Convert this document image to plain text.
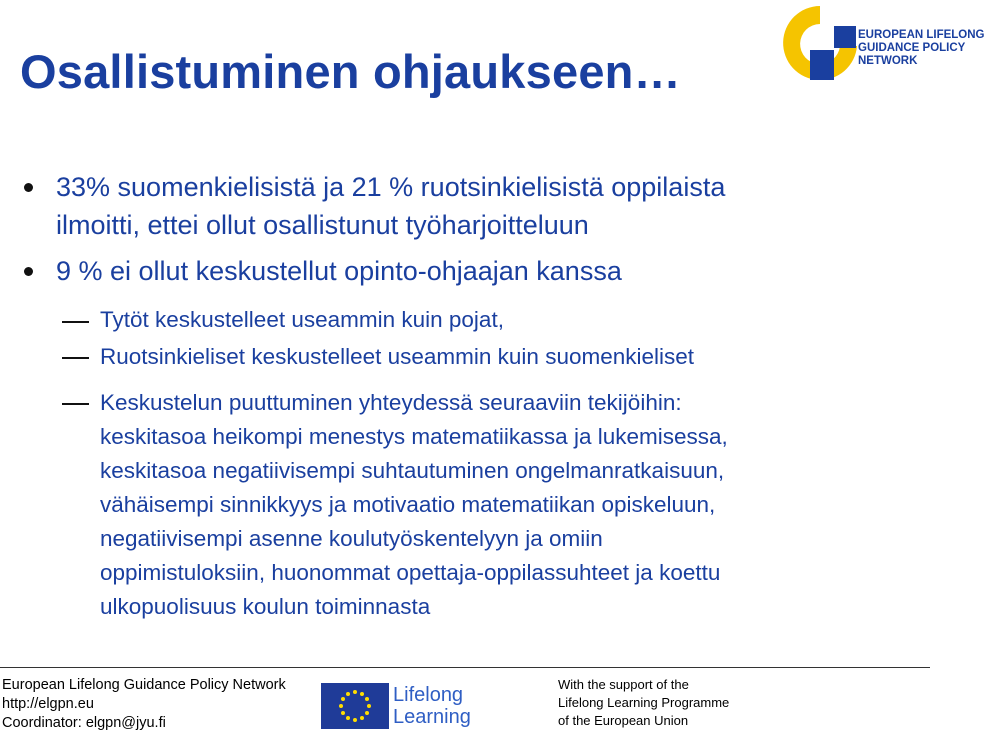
Osallistuminen ohjaukseen…
EUROPEAN LIFELONG
GUIDANCE POLICY
NETWORK
33% suomenkielisistä ja 21 % ruotsinkielisistä oppilaista
ilmoitti, ettei ollut osallistunut työharjoitteluun
9 % ei ollut keskustellut opinto-ohjaajan kanssa
Tytöt keskustelleet useammin kuin pojat,
Ruotsinkieliset keskustelleet useammin kuin suomenkieliset
Keskustelun puuttuminen yhteydessä seuraaviin tekijöihin:
keskitasoa heikompi menestys matematiikassa ja lukemisessa,
keskitasoa negatiivisempi suhtautuminen ongelmanratkaisuun,
vähäisempi sinnikkyys ja motivaatio matematiikan opiskeluun,
negatiivisempi asenne koulutyöskentelyyn ja omiin
oppimistuloksiin, huonommat opettaja-oppilassuhteet ja koettu
ulkopuolisuus koulun toiminnasta
European Lifelong Guidance Policy Network
http://elgpn.eu
Coordinator: elgpn@jyu.fi
Lifelong
Learning
With the support of the
Lifelong Learning Programme
of the European Union
